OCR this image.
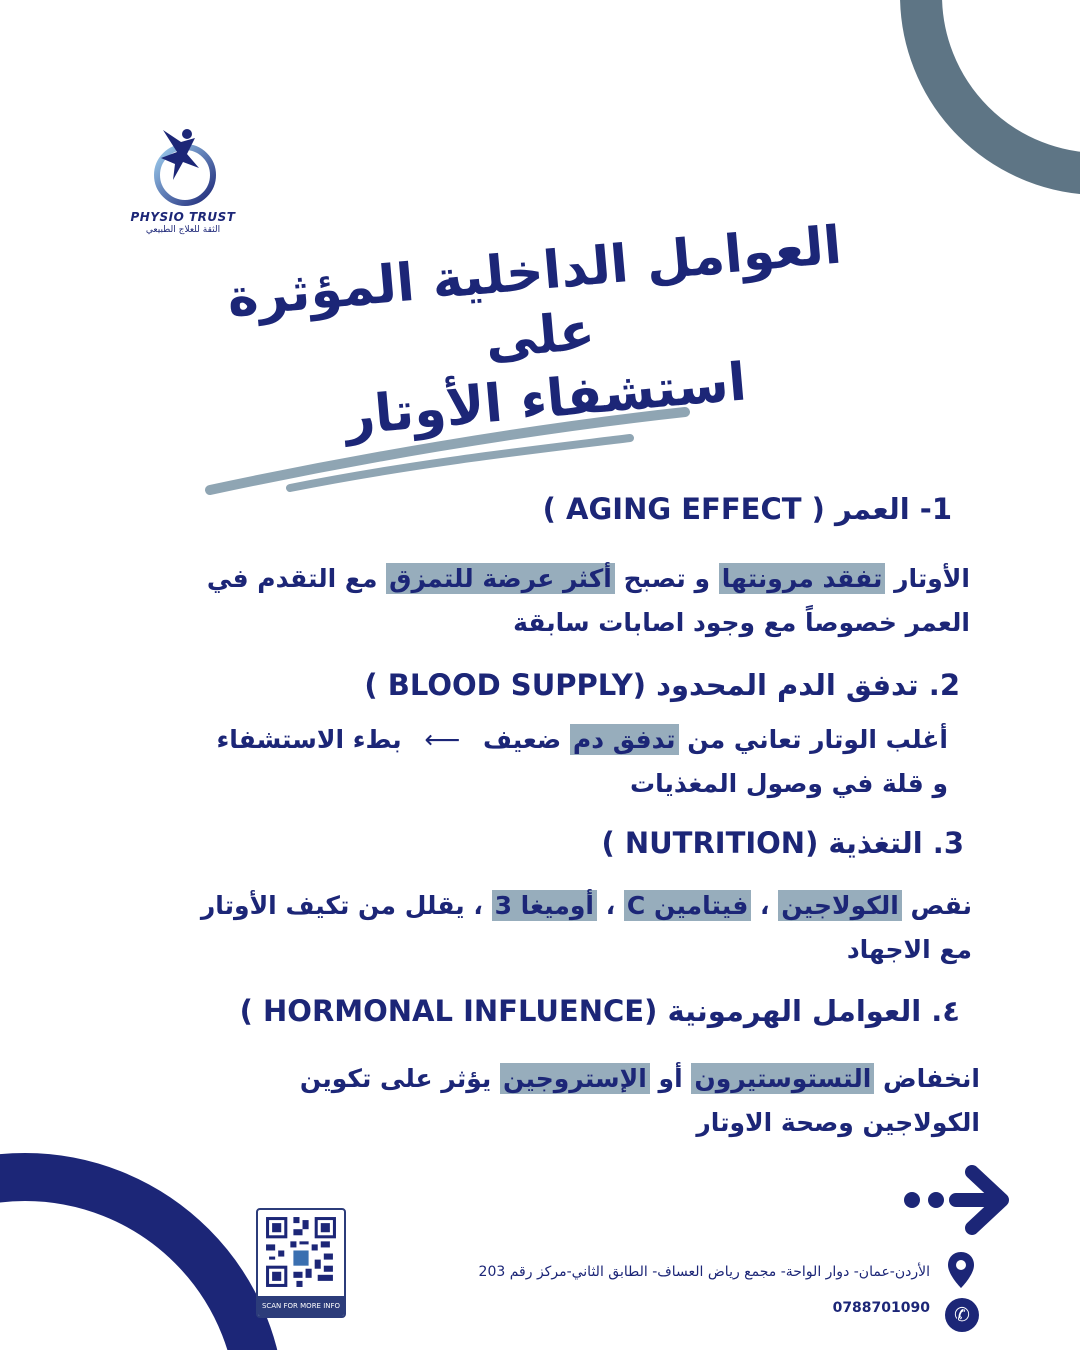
PHYSIO TRUST
الثقة للعلاج الطبيعي العوامل الداخلية المؤثرة على
استشفاء الأوتار
1- العمر ( AGING EFFECT )
الأوتار تفقد مرونتها و تصبح أكثر عرضة للتمزق مع التقدم في
العمر خصوصاً مع وجود اصابات سابقة
2. تدفق الدم المحدود (BLOOD SUPPLY )
أغلب الوتار تعاني من تدفق دم ضعيف ⟵ بطء الاستشفاء
و قلة في وصول المغذيات
3. التغذية (NUTRITION )
نقص الكولاجين ، فيتامين C ، أوميغا 3 ، يقلل من تكيف الأوتار
مع الاجهاد
٤. العوامل الهرمونية (HORMONAL INFLUENCE )
انخفاض التستوستيرون أو الإستروجين يؤثر على تكوين
الكولاجين وصحة الاوتار
SCAN FOR MORE INFO
الأردن-عمان- دوار الواحة- مجمع رياض العساف- الطابق الثاني-مركز رقم 203
0788701090	✆
